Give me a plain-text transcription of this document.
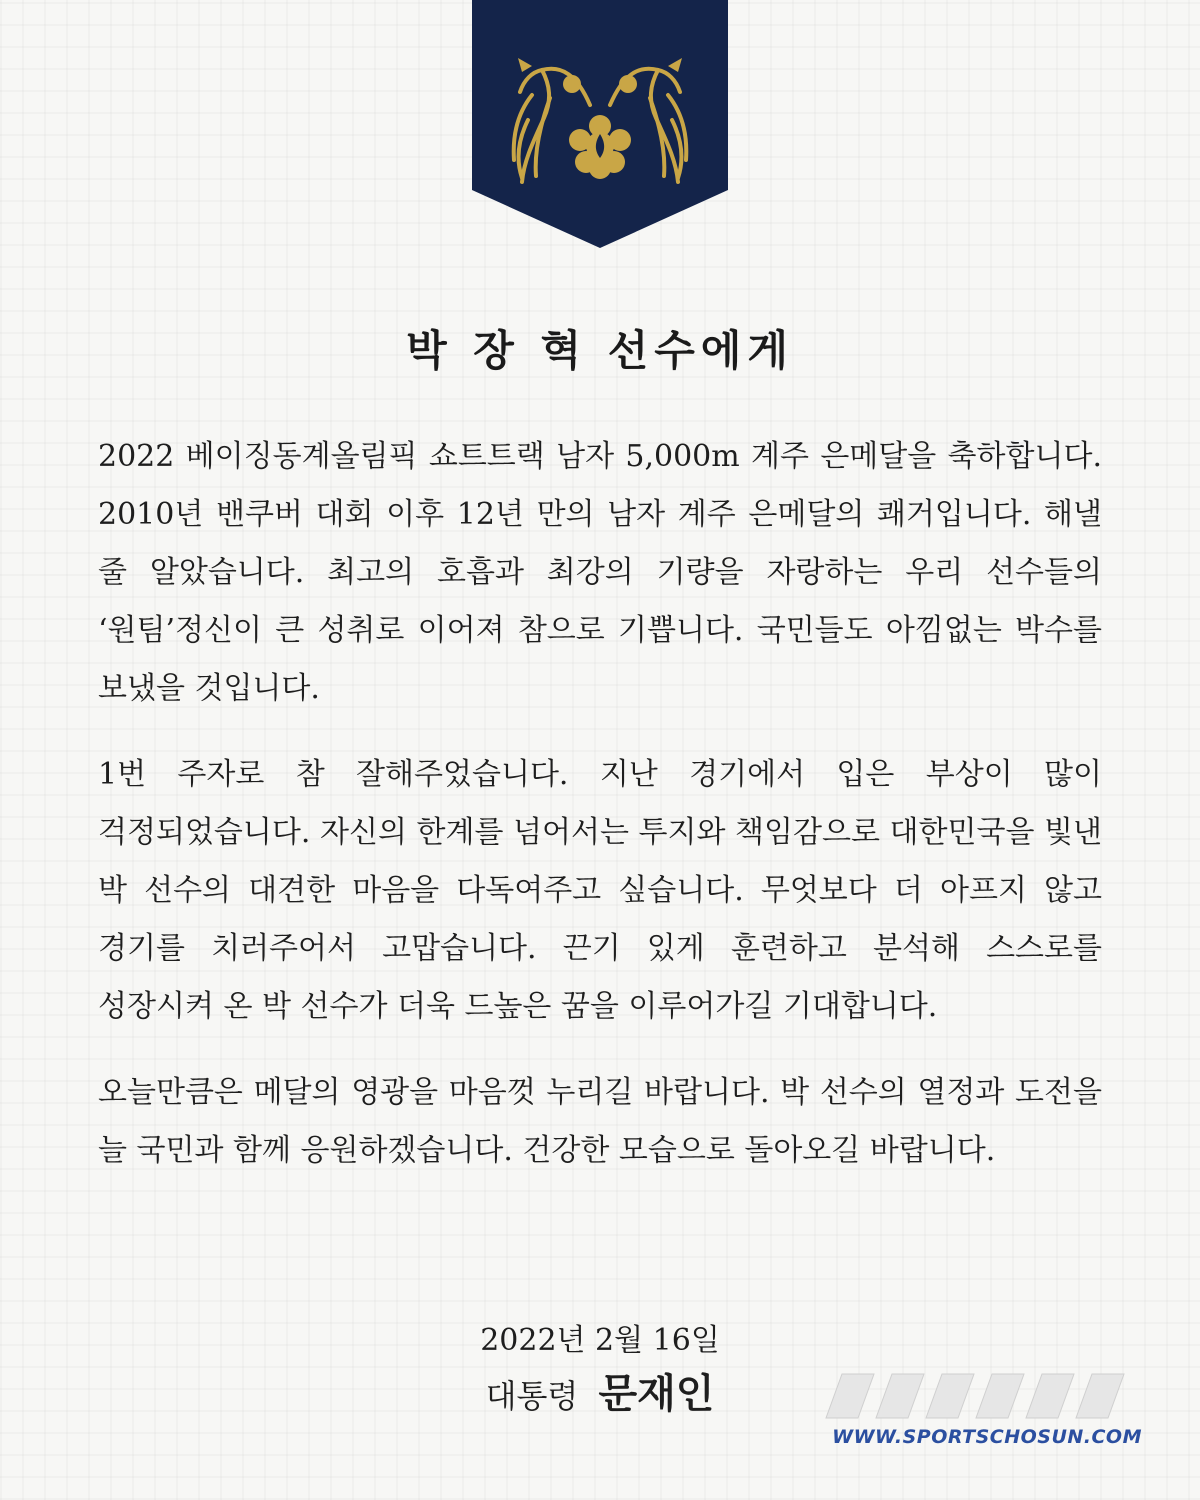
박 장 혁 선수에게

2022 베이징동계올림픽 쇼트트랙 남자 5,000m 계주 은메달을 축하합니다. 2010년 밴쿠버 대회 이후 12년 만의 남자 계주 은메달의 쾌거입니다. 해낼 줄 알았습니다. 최고의 호흡과 최강의 기량을 자랑하는 우리 선수들의 ‘원팀’정신이 큰 성취로 이어져 참으로 기쁩니다. 국민들도 아낌없는 박수를 보냈을 것입니다.

1번 주자로 참 잘해주었습니다. 지난 경기에서 입은 부상이 많이 걱정되었습니다. 자신의 한계를 넘어서는 투지와 책임감으로 대한민국을 빛낸 박 선수의 대견한 마음을 다독여주고 싶습니다. 무엇보다 더 아프지 않고 경기를 치러주어서 고맙습니다. 끈기 있게 훈련하고 분석해 스스로를 성장시켜 온 박 선수가 더욱 드높은 꿈을 이루어가길 기대합니다.

오늘만큼은 메달의 영광을 마음껏 누리길 바랍니다. 박 선수의 열정과 도전을 늘 국민과 함께 응원하겠습니다. 건강한 모습으로 돌아오길 바랍니다.

2022년 2월 16일
대통령 문재인
WWW.SPORTSCHOSUN.COM
